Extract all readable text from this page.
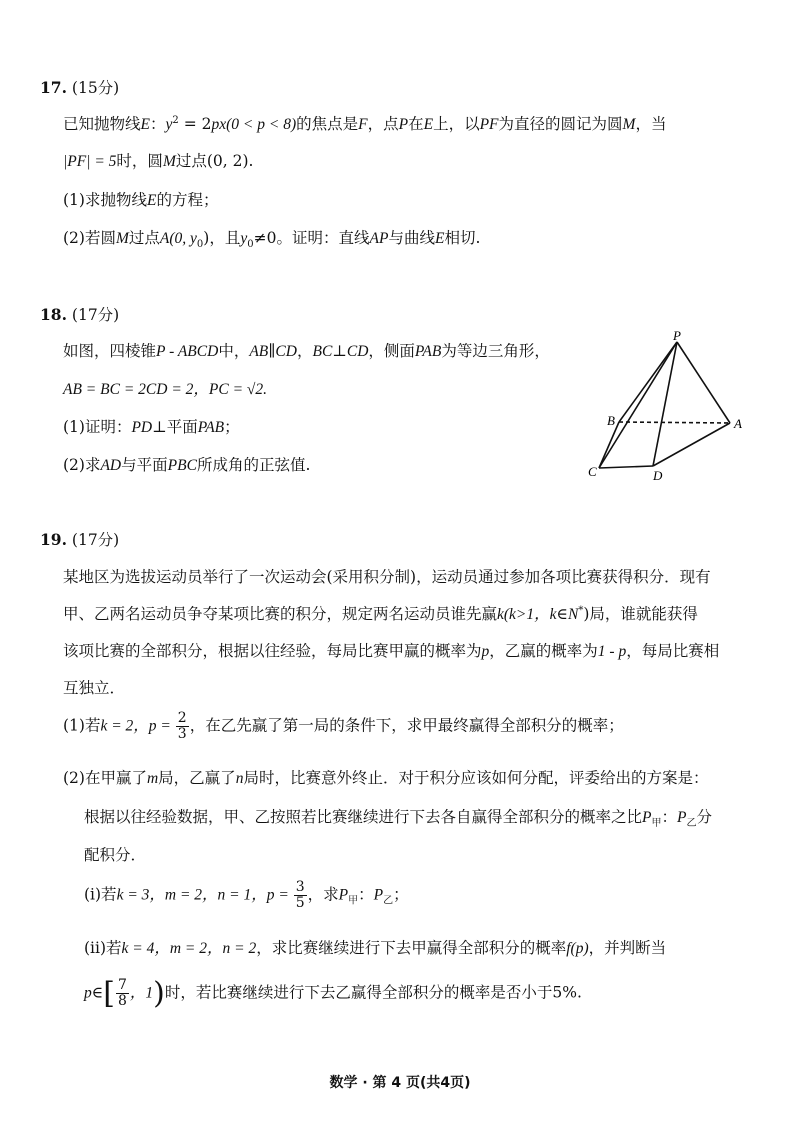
17. (15分)
已知抛物线E：$y^2 = 2px(0 < p < 8)$的焦点是F，点P在E上，以PF为直径的圆记为圆M，当
|PF| = 5时，圆M过点(0, 2).
(1)求抛物线E的方程；
(2)若圆M过点A(0, $y_0$)，且$y_0\ne 0$。证明：直线AP与曲线E相切.
18. (17分)
如图，四棱锥P - ABCD中，AB∥CD，BC⊥CD，侧面PAB为等边三角形，
AB = BC = 2CD = 2，PC = √2.
(1)证明：PD⊥平面PAB；
(2)求AD与平面PBC所成角的正弦值.
P
A
B
C	D
19. (17分)
某地区为选拔运动员举行了一次运动会(采用积分制)，运动员通过参加各项比赛获得积分．现有
甲、乙两名运动员争夺某项比赛的积分，规定两名运动员谁先赢k(k>1，k∈N*)局，谁就能获得
该项比赛的全部积分，根据以往经验，每局比赛甲赢的概率为p，乙赢的概率为1 - p，每局比赛相
互独立．
(1)若k = 2，$p = \frac{2}{3}$ ，在乙先赢了第一局的条件下，求甲最终赢得全部积分的概率；
(2)在甲赢了m局，乙赢了n局时，比赛意外终止．对于积分应该如何分配，评委给出的方案是：
根据以往经验数据，甲、乙按照若比赛继续进行下去各自赢得全部积分的概率之比$P_甲$：$P_乙$分
配积分．
(i)若k = 3，m = 2，n = 1，$p = \frac{3}{5}$ ，求$P_甲$：$P_乙$；
(ii)若k = 4，m = 2，n = 2，求比赛继续进行下去甲赢得全部积分的概率f(p)，并判断当
p∈[ $\frac{7}{8}$ ，1)时，若比赛继续进行下去乙赢得全部积分的概率是否小于5%.
数学 · 第 4 页(共4页)
